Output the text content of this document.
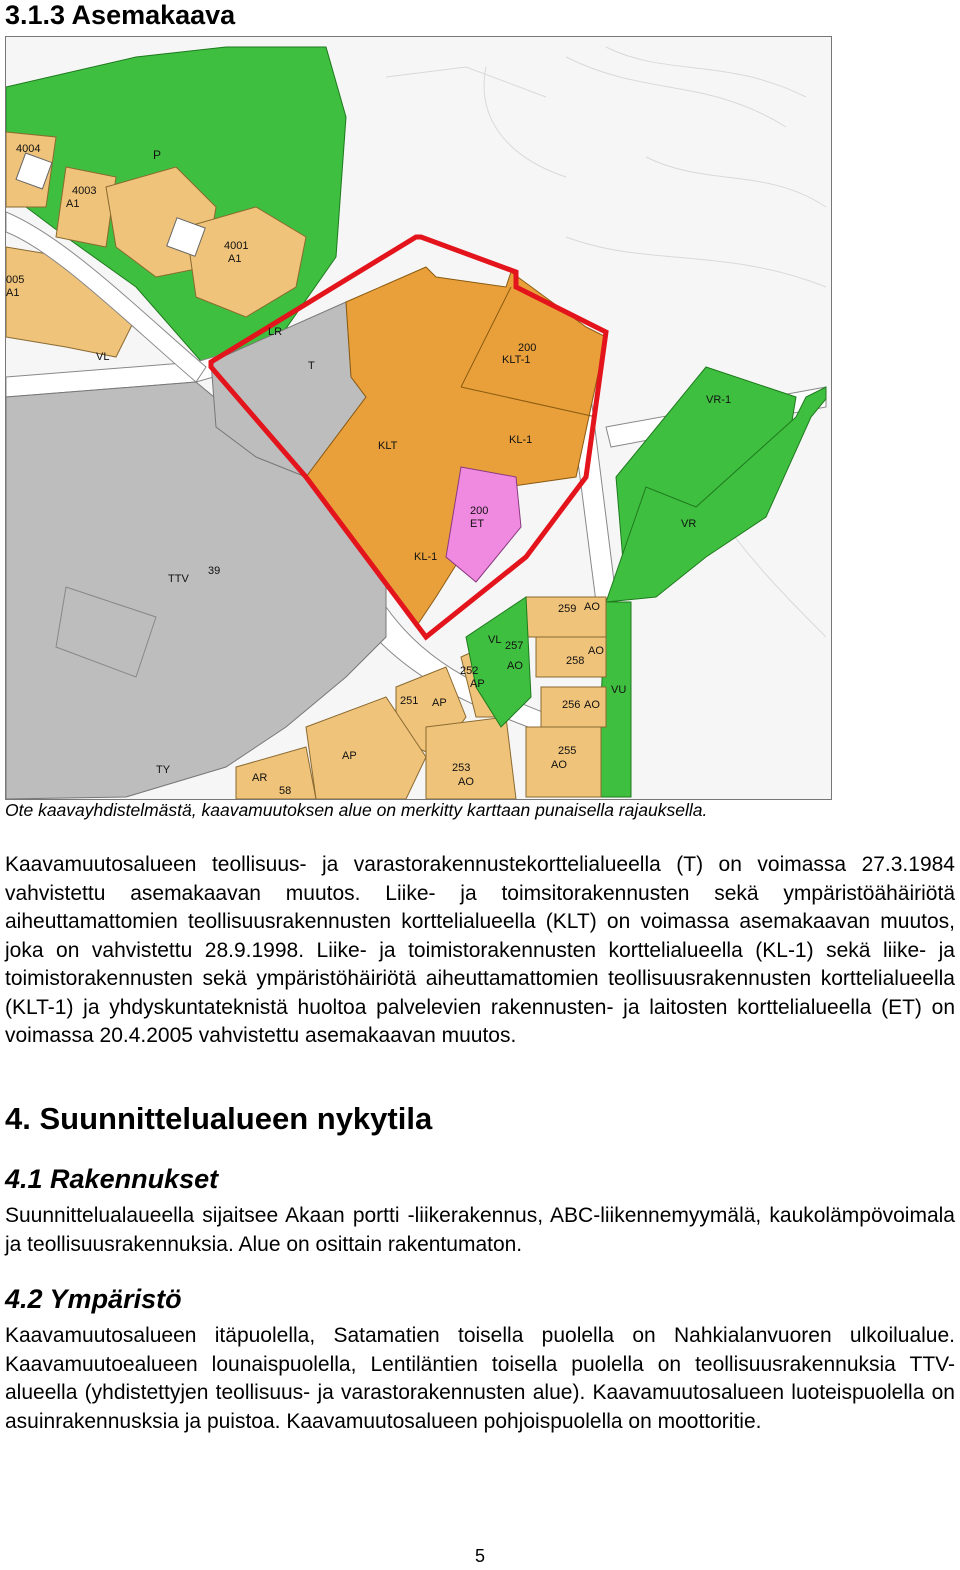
3.1.3 Asemakaava
P
4004
4003
A1
4001
A1
005
A1
LR
VL
T
KLT
200
KLT-1
KL-1
200
ET
KL-1
VR-1
VR
TTV
39
259 AO
VL 257
AO	258
AO
252
AP	VU
251 AP	256 AO
255
AO
AP
253
AO
TY
AR
58

Ote kaavayhdistelmästä, kaavamuutoksen alue on merkitty karttaan punaisella rajauksella.

Kaavamuutosalueen teollisuus- ja varastorakennustekorttelialueella (T) on voimassa 27.3.1984 vahvistettu asemakaavan muutos. Liike- ja toimsitorakennusten sekä ympäristöähäiriötä aiheuttamattomien teollisuusrakennusten korttelialueella (KLT) on voimassa asemakaavan muutos, joka on vahvistettu 28.9.1998. Liike- ja toimistorakennusten korttelialueella (KL-1) sekä liike- ja toimistorakennusten sekä ympäristöhäiriötä aiheuttamattomien teollisuusrakennusten korttelialueella (KLT-1) ja yhdyskuntateknistä huoltoa palvelevien rakennusten- ja laitosten korttelialueella (ET) on voimassa 20.4.2005 vahvistettu asemakaavan muutos.

4. Suunnittelualueen nykytila
4.1 Rakennukset

Suunnittelualaueella sijaitsee Akaan portti -liikerakennus, ABC-liikennemyymälä, kaukolämpövoimala ja teollisuusrakennuksia. Alue on osittain rakentumaton.

4.2 Ympäristö

Kaavamuutosalueen itäpuolella, Satamatien toisella puolella on Nahkialanvuoren ulkoilualue. Kaavamuutoealueen lounaispuolella, Lentiläntien toisella puolella on teollisuusrakennuksia TTV-alueella (yhdistettyjen teollisuus- ja varastorakennusten alue). Kaavamuutosalueen luoteispuolella on asuinrakennusksia ja puistoa. Kaavamuutosalueen pohjoispuolella on moottoritie.

5
